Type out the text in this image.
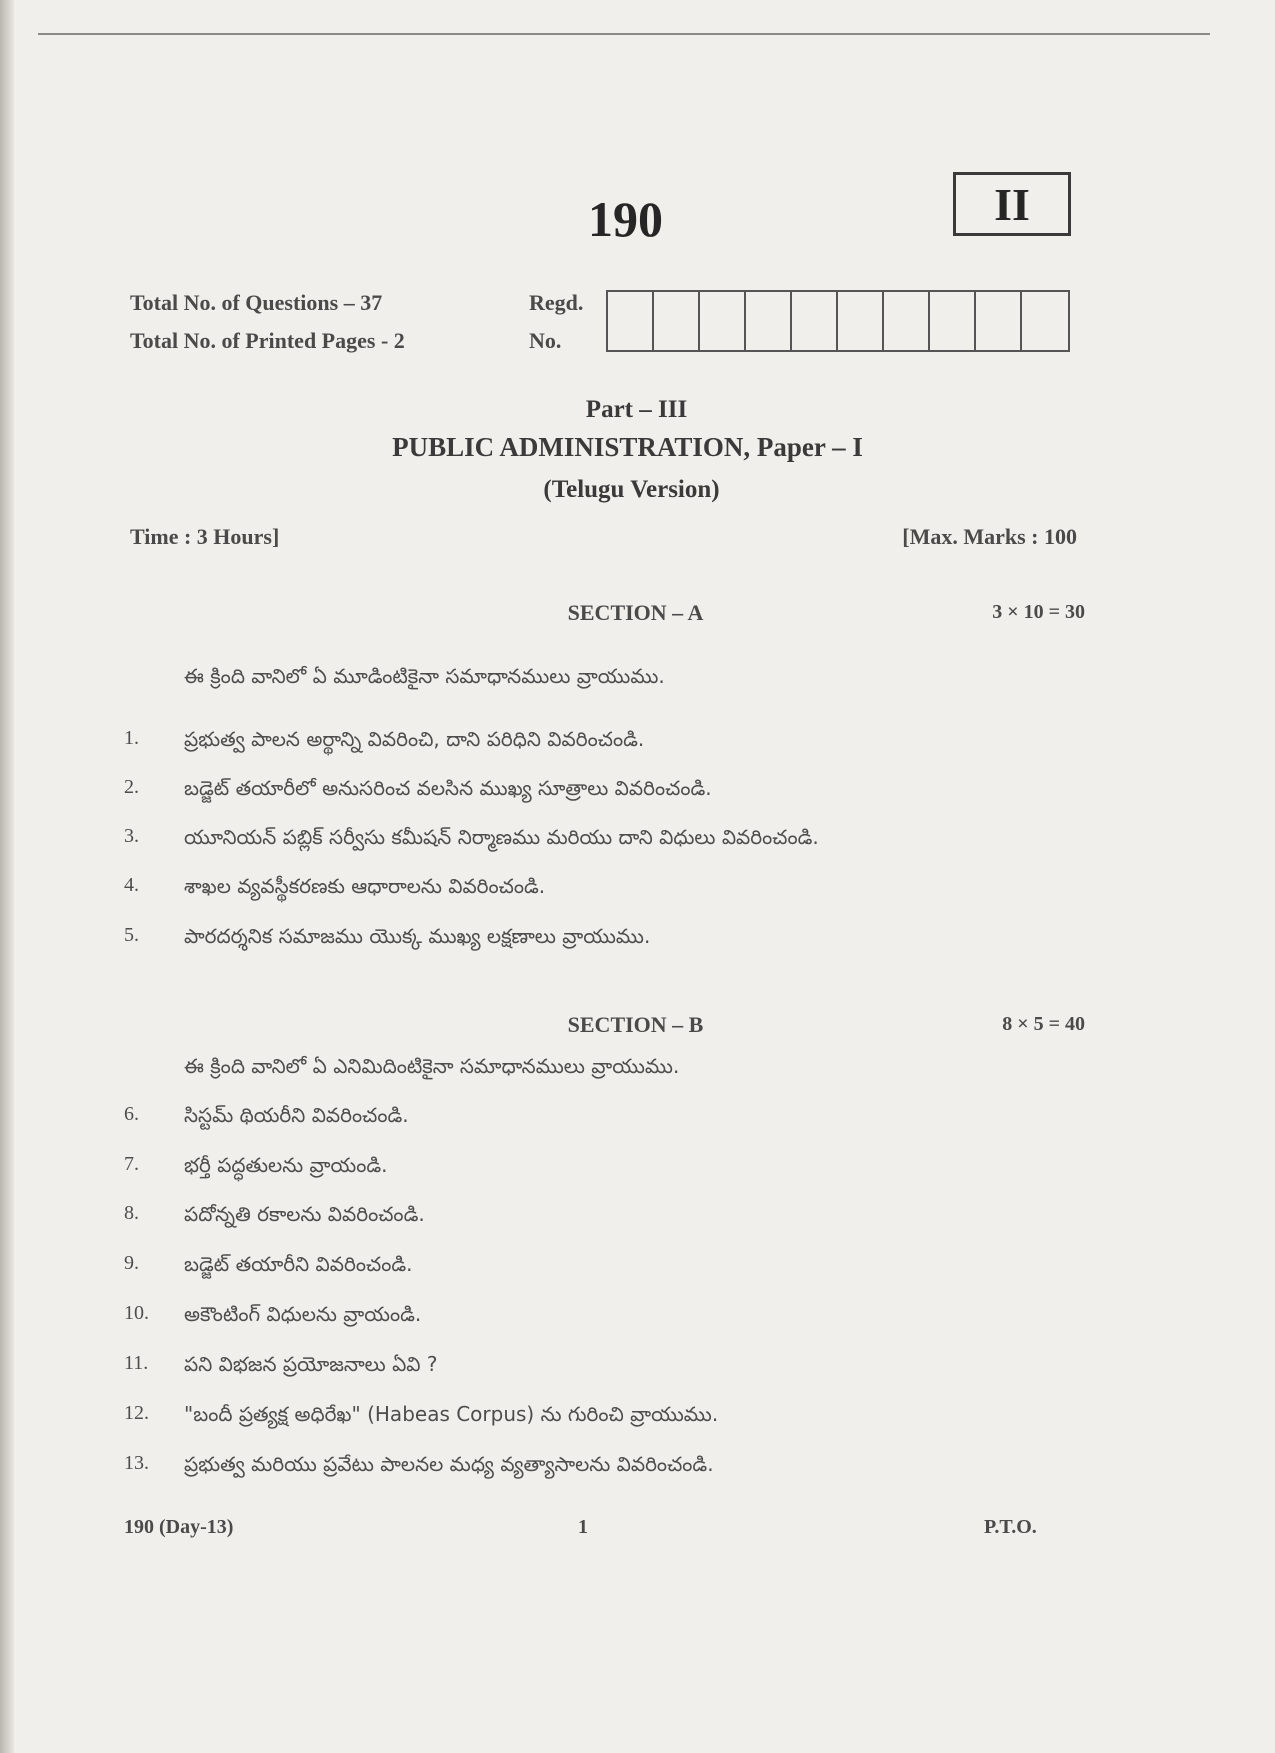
190	II
Total No. of Questions – 37
Total No. of Printed Pages - 2
Regd.
No.
Part – III
PUBLIC ADMINISTRATION, Paper – I
(Telugu Version)
Time : 3 Hours]	[Max. Marks : 100
SECTION – A	3 × 10 = 30
ఈ క్రింది వానిలో ఏ మూడింటికైనా సమాధానములు వ్రాయుము.
1.	ప్రభుత్వ పాలన అర్థాన్ని వివరించి, దాని పరిధిని వివరించండి.
2.	బడ్జెట్ తయారీలో అనుసరించ వలసిన ముఖ్య సూత్రాలు వివరించండి.
3.	యూనియన్ పబ్లిక్ సర్వీసు కమీషన్ నిర్మాణము మరియు దాని విధులు వివరించండి.
4.	శాఖల వ్యవస్థీకరణకు ఆధారాలను వివరించండి.
5.	పారదర్శనిక సమాజము యొక్క ముఖ్య లక్షణాలు వ్రాయుము.
SECTION – B	8 × 5 = 40
ఈ క్రింది వానిలో ఏ ఎనిమిదింటికైనా సమాధానములు వ్రాయుము.
6.	సిస్టమ్ థియరీని వివరించండి.
7.	భర్తీ పద్ధతులను వ్రాయండి.
8.	పదోన్నతి రకాలను వివరించండి.
9.	బడ్జెట్ తయారీని వివరించండి.
10.	అకౌంటింగ్ విధులను వ్రాయండి.
11.	పని విభజన ప్రయోజనాలు ఏవి ?
12.	"బందీ ప్రత్యక్ష అధిరేఖ" (Habeas Corpus) ను గురించి వ్రాయుము.
13.	ప్రభుత్వ మరియు ప్రవేటు పాలనల మధ్య వ్యత్యాసాలను వివరించండి.
190 (Day-13)	1	P.T.O.
